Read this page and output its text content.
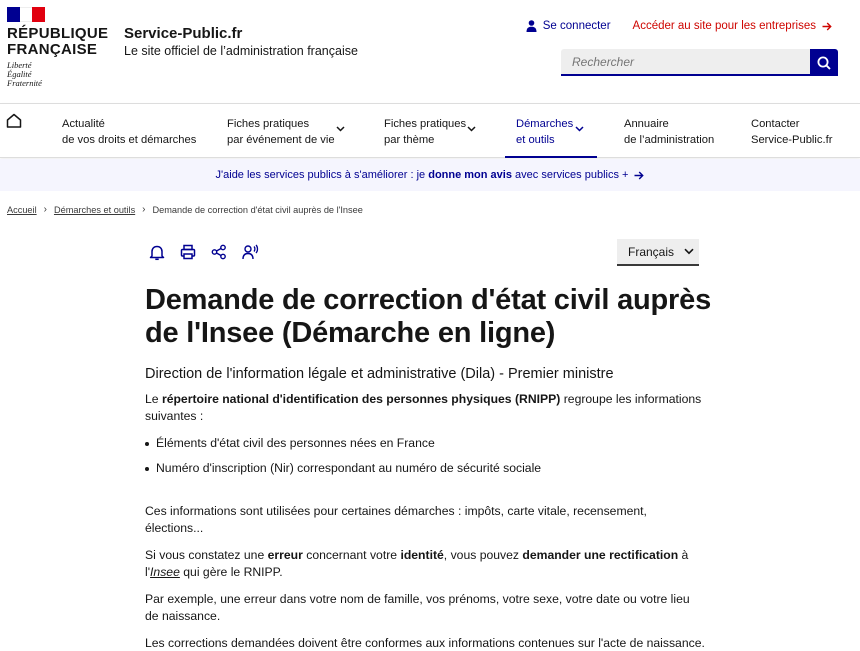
RÉPUBLIQUE
FRANÇAISE
Liberté
Égalité
Fraternité
Service-Public.fr
Le site officiel de l’administration française
Se connecter Accéder au site pour les entreprises
Rechercher
Actualité
de vos droits et démarches
Fiches pratiques
par événement de vie
Fiches pratiques
par thème
Démarches
et outils
Annuaire
de l’administration
Contacter
Service-Public.fr
J'aide les services publics à s'améliorer : je donne mon avis avec services publics +
Accueil › Démarches et outils › Demande de correction d'état civil auprès de l'Insee
Français
Demande de correction d'état civil auprès de l'Insee (Démarche en ligne)
Direction de l'information légale et administrative (Dila) - Premier ministre

Le répertoire national d'identification des personnes physiques (RNIPP) regroupe les informations suivantes :

Éléments d'état civil des personnes nées en France
Numéro d'inscription (Nir) correspondant au numéro de sécurité sociale

Ces informations sont utilisées pour certaines démarches : impôts, carte vitale, recensement, élections...

Si vous constatez une erreur concernant votre identité, vous pouvez demander une rectification à l'Insee qui gère le RNIPP.

Par exemple, une erreur dans votre nom de famille, vos prénoms, votre sexe, votre date ou votre lieu de naissance.

Les corrections demandées doivent être conformes aux informations contenues sur l'acte de naissance.
